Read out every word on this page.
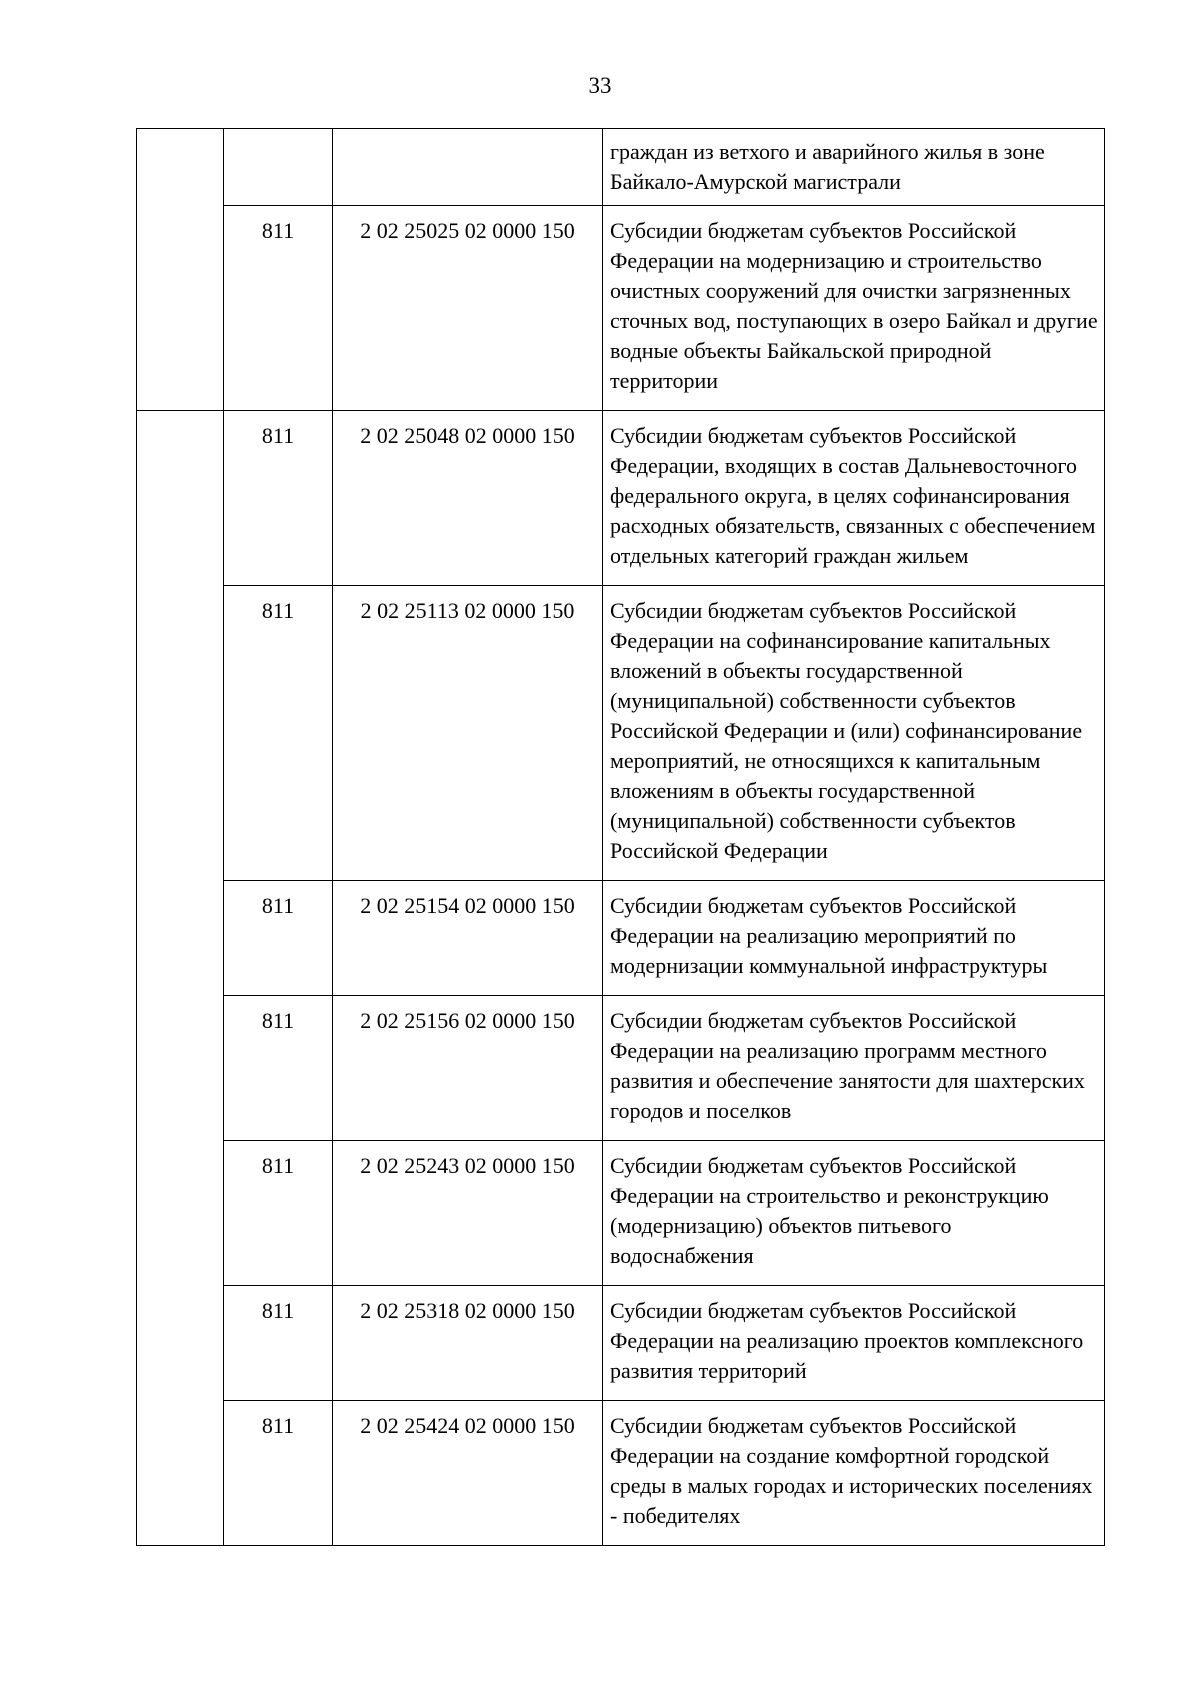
33
			граждан из ветхого и аварийного жилья в зоне Байкало-Амурской магистрали
	811	2 02 25025 02 0000 150	Субсидии бюджетам субъектов Российской Федерации на модернизацию и строительство очистных сооружений для очистки загрязненных сточных вод, поступающих в озеро Байкал и другие водные объекты Байкальской природной территории
	811	2 02 25048 02 0000 150	Субсидии бюджетам субъектов Российской Федерации, входящих в состав Дальневосточного федерального округа, в целях софинансирования расходных обязательств, связанных с обеспечением отдельных категорий граждан жильем
	811	2 02 25113 02 0000 150	Субсидии бюджетам субъектов Российской Федерации на софинансирование капитальных вложений в объекты государственной (муниципальной) собственности субъектов Российской Федерации и (или) софинансирование мероприятий, не относящихся к капитальным вложениям в объекты государственной (муниципальной) собственности субъектов Российской Федерации
	811	2 02 25154 02 0000 150	Субсидии бюджетам субъектов Российской Федерации на реализацию мероприятий по модернизации коммунальной инфраструктуры
	811	2 02 25156 02 0000 150	Субсидии бюджетам субъектов Российской Федерации на реализацию программ местного развития и обеспечение занятости для шахтерских городов и поселков
	811	2 02 25243 02 0000 150	Субсидии бюджетам субъектов Российской Федерации на строительство и реконструкцию (модернизацию) объектов питьевого водоснабжения
	811	2 02 25318 02 0000 150	Субсидии бюджетам субъектов Российской Федерации на реализацию проектов комплексного развития территорий
	811	2 02 25424 02 0000 150	Субсидии бюджетам субъектов Российской Федерации на создание комфортной городской среды в малых городах и исторических поселениях - победителях
